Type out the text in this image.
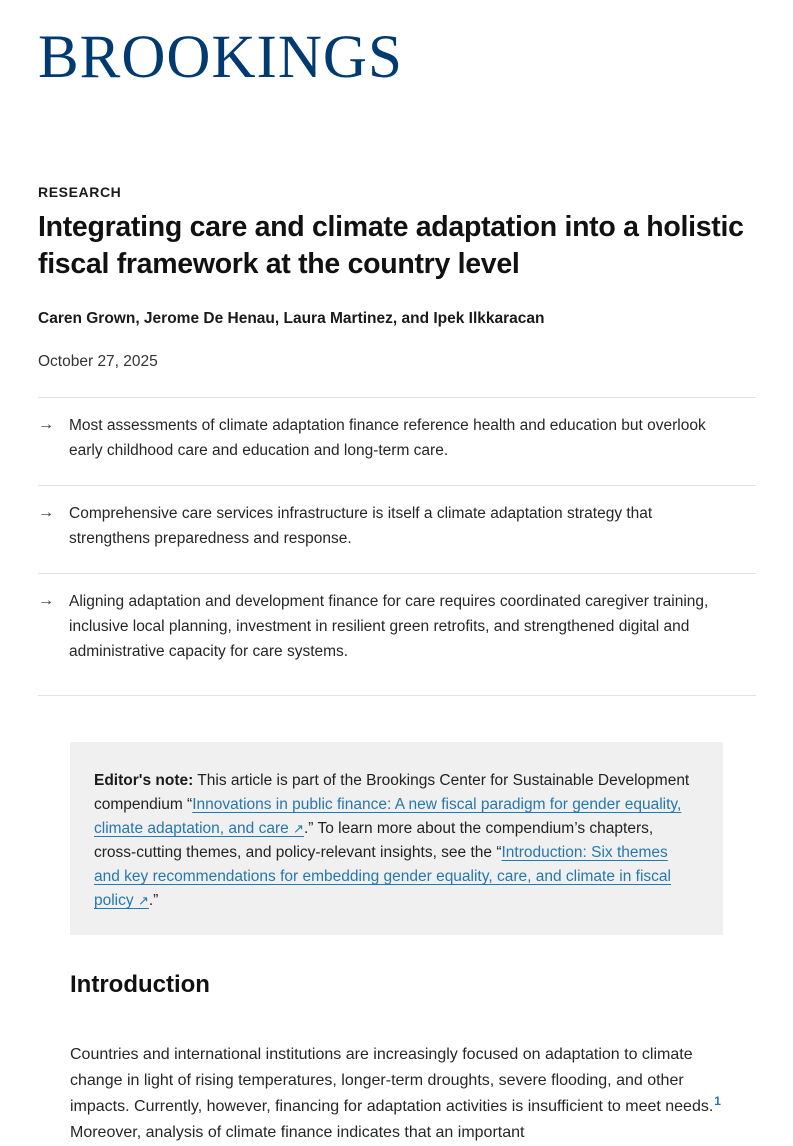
BROOKINGS
RESEARCH
Integrating care and climate adaptation into a holistic fiscal framework at the country level
Caren Grown, Jerome De Henau, Laura Martinez, and Ipek Ilkkaracan
October 27, 2025
→ Most assessments of climate adaptation finance reference health and education but overlook early childhood care and education and long-term care.
→ Comprehensive care services infrastructure is itself a climate adaptation strategy that strengthens preparedness and response.
→ Aligning adaptation and development finance for care requires coordinated caregiver training, inclusive local planning, investment in resilient green retrofits, and strengthened digital and administrative capacity for care systems.
Editor's note: This article is part of the Brookings Center for Sustainable Development compendium “Innovations in public finance: A new fiscal paradigm for gender equality, climate adaptation, and care ↗.” To learn more about the compendium’s chapters, cross-cutting themes, and policy-relevant insights, see the “Introduction: Six themes and key recommendations for embedding gender equality, care, and climate in fiscal policy ↗.”
Introduction

Countries and international institutions are increasingly focused on adaptation to climate change in light of rising temperatures, longer-term droughts, severe flooding, and other impacts. Currently, however, financing for adaptation activities is insufficient to meet needs.$^1$ Moreover, analysis of climate finance indicates that an important
